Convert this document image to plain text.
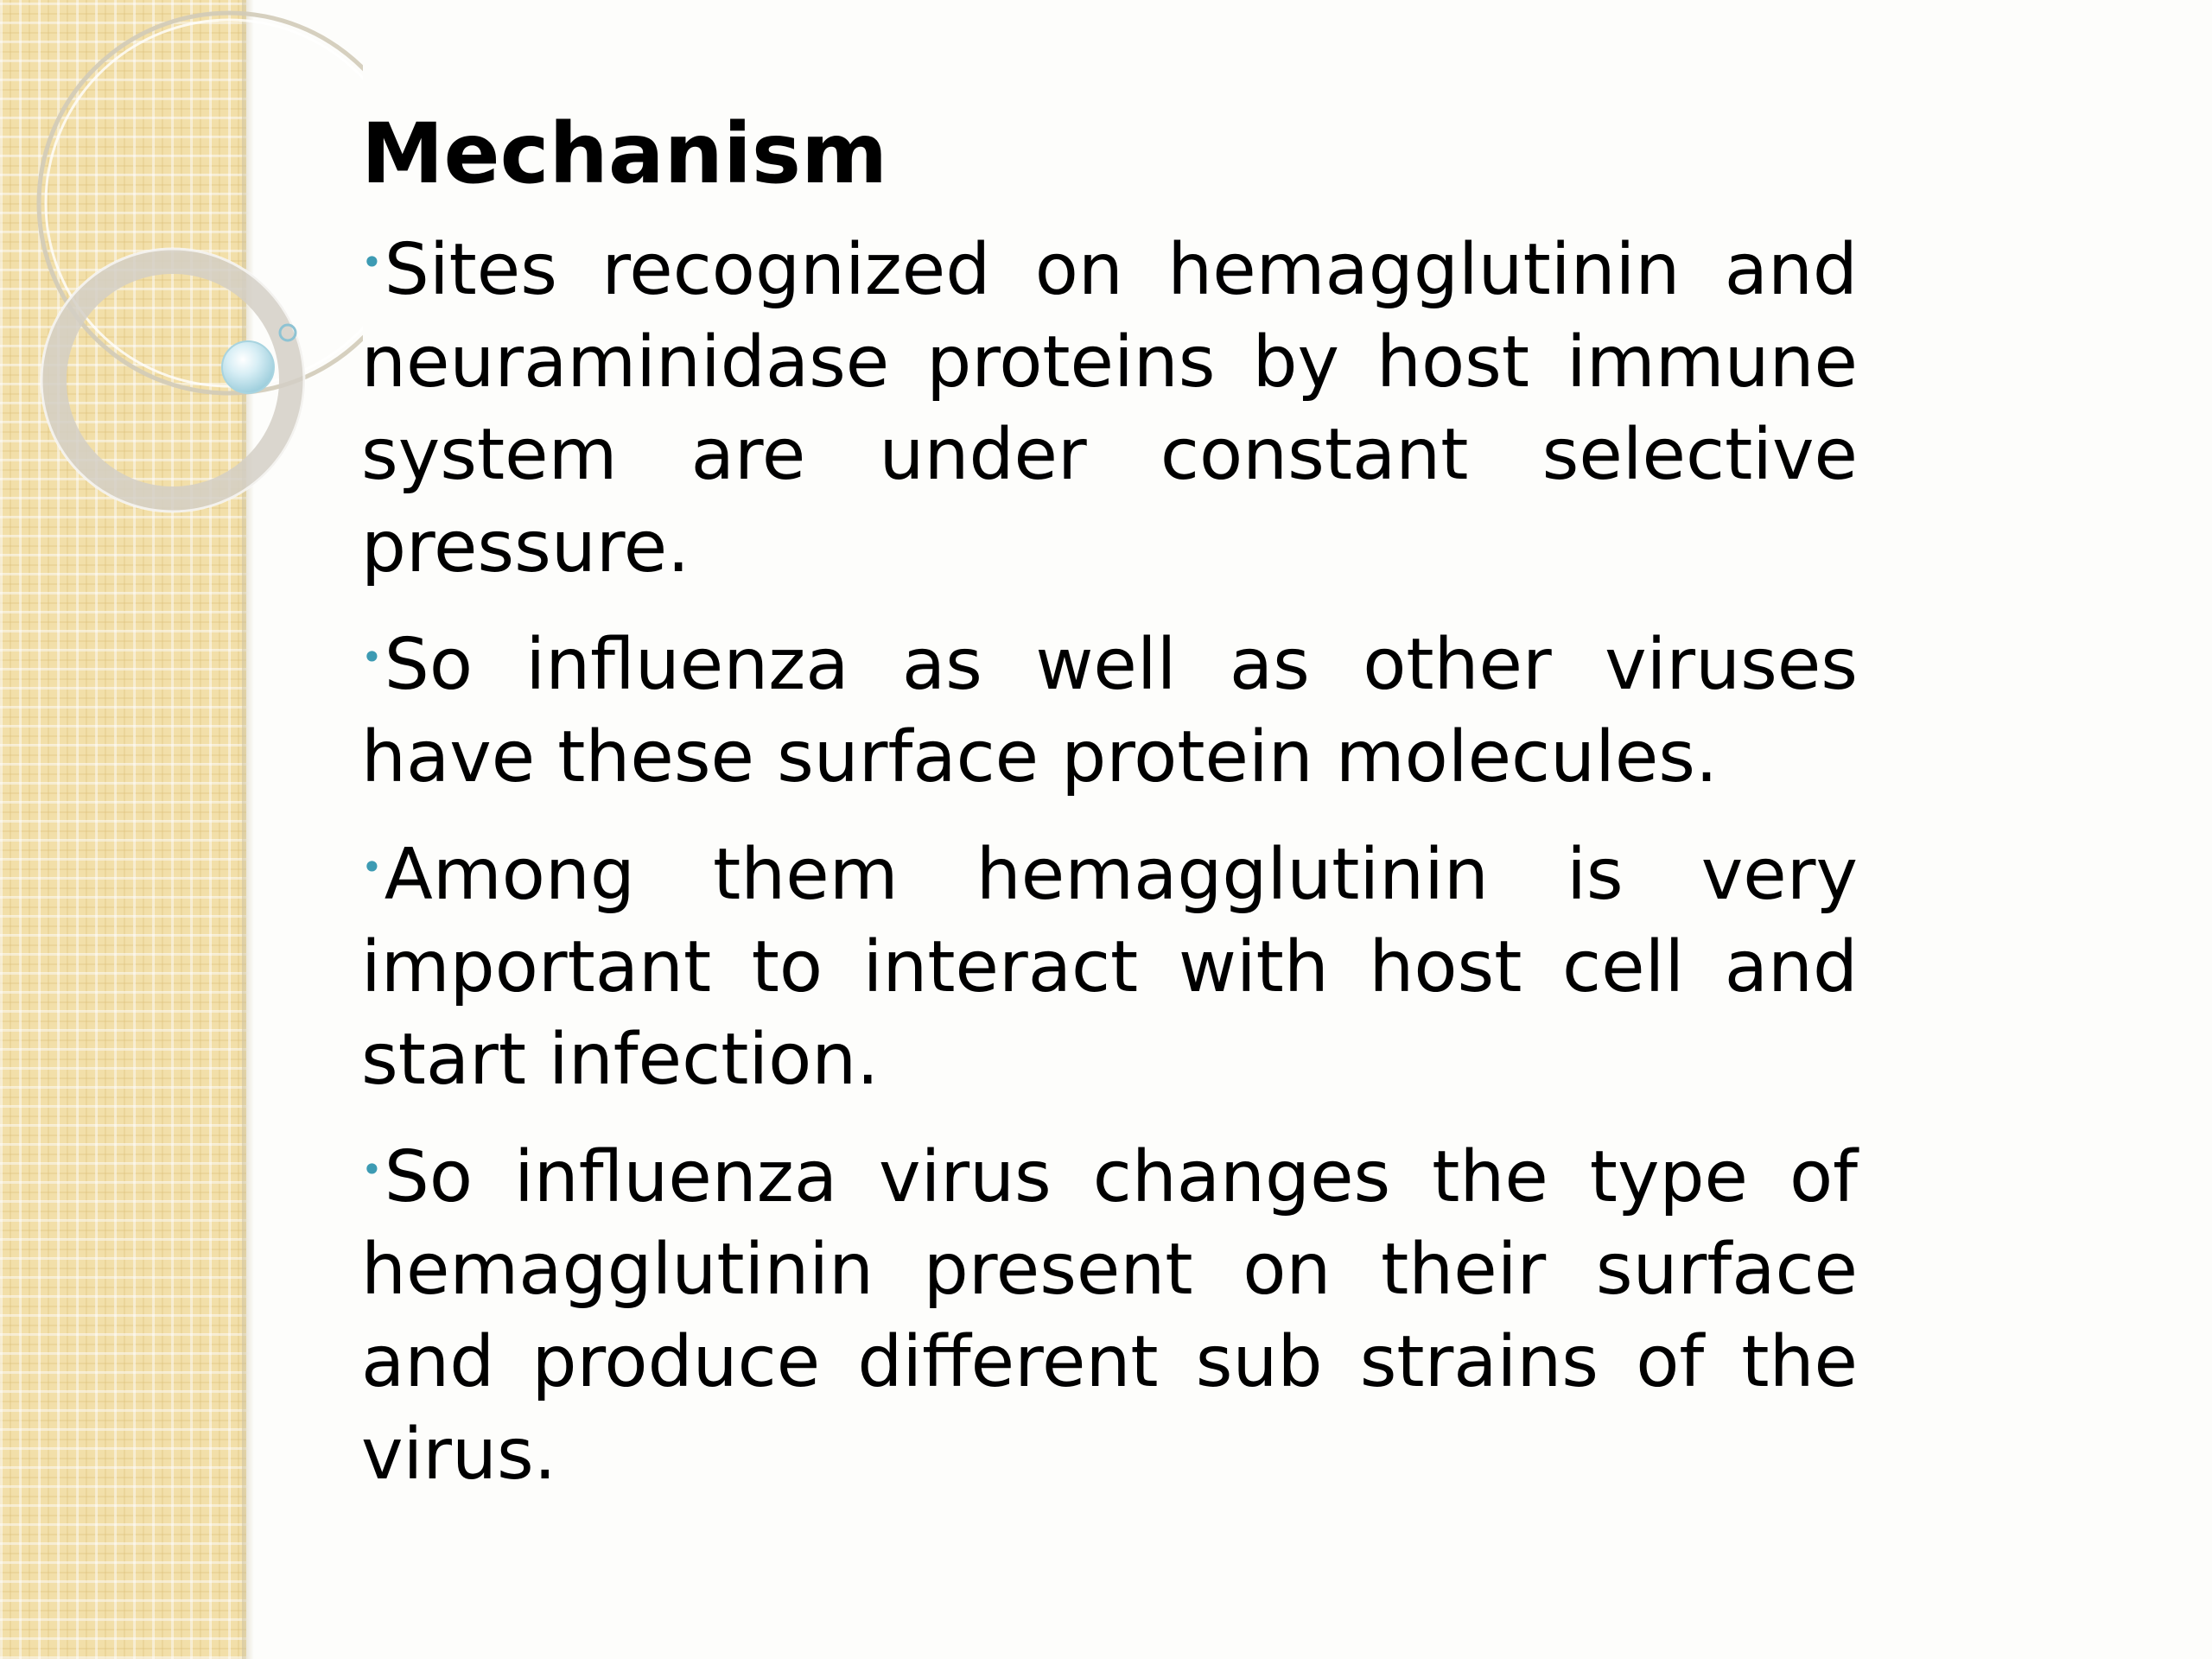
Mechanism
•Sites recognized on hemagglutinin and neuraminidase proteins by host immune system are under constant selective pressure.
•So influenza as well as other viruses have these surface protein molecules.
•Among them hemagglutinin is very important to interact with host cell and start infection.
•So influenza virus changes the type of hemagglutinin present on their surface and produce different sub strains of the virus.
